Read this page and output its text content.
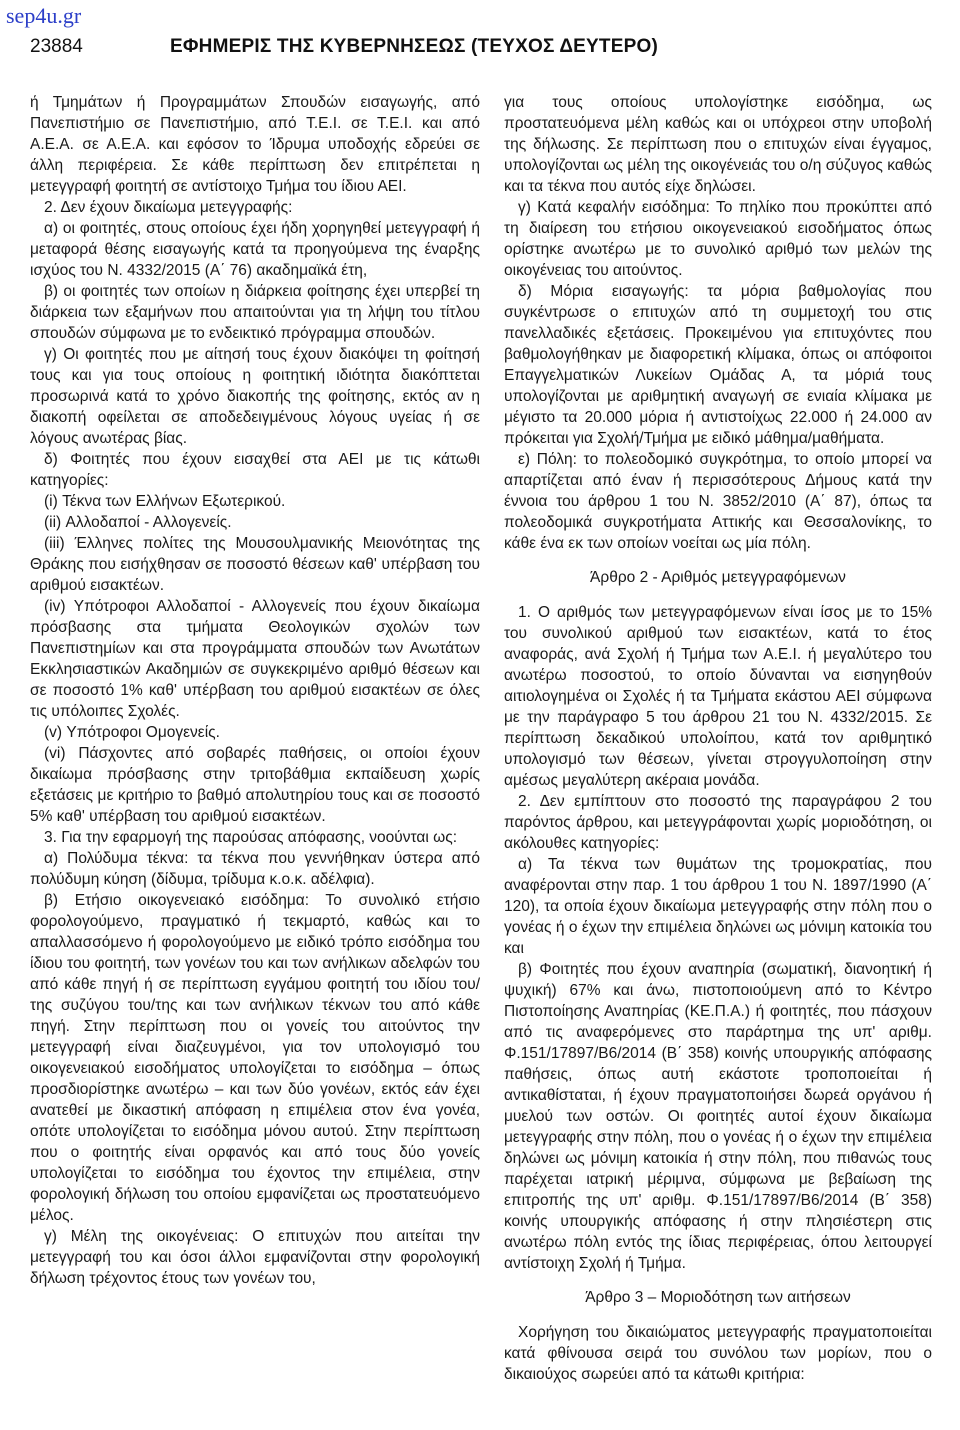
sep4u.gr
23884	ΕΦΗΜΕΡΙΣ ΤΗΣ ΚΥΒΕΡΝΗΣΕΩΣ (ΤΕΥΧΟΣ ΔΕΥΤΕΡΟ)

ή Τμημάτων ή Προγραμμάτων Σπουδών εισαγωγής, από Πανεπιστήμιο σε Πανεπιστήμιο, από Τ.Ε.Ι. σε Τ.Ε.Ι. και από Α.Ε.Α. σε Α.Ε.Α. και εφόσον το Ίδρυμα υποδοχής εδρεύει σε άλλη περιφέρεια. Σε κάθε περίπτωση δεν επιτρέπεται η μετεγγραφή φοιτητή σε αντίστοιχο Τμήμα του ίδιου ΑΕΙ.

2. Δεν έχουν δικαίωμα μετεγγραφής:

α) οι φοιτητές, στους οποίους έχει ήδη χορηγηθεί μετεγγραφή ή μεταφορά θέσης εισαγωγής κατά τα προηγούμενα της έναρξης ισχύος του Ν. 4332/2015 (Α΄ 76) ακαδημαϊκά έτη,

β) οι φοιτητές των οποίων η διάρκεια φοίτησης έχει υπερβεί τη διάρκεια των εξαμήνων που απαιτούνται για τη λήψη του τίτλου σπουδών σύμφωνα με το ενδεικτικό πρόγραμμα σπουδών.

γ) Οι φοιτητές που με αίτησή τους έχουν διακόψει τη φοίτησή τους και για τους οποίους η φοιτητική ιδιότητα διακόπτεται προσωρινά κατά το χρόνο διακοπής της φοίτησης, εκτός αν η διακοπή οφείλεται σε αποδεδειγμένους λόγους υγείας ή σε λόγους ανωτέρας βίας.

δ) Φοιτητές που έχουν εισαχθεί στα ΑΕΙ με τις κάτωθι κατηγορίες:

(i) Τέκνα των Ελλήνων Εξωτερικού.

(ii) Αλλοδαποί - Αλλογενείς.

(iii) Έλληνες πολίτες της Μουσουλμανικής Μειονότητας της Θράκης που εισήχθησαν σε ποσοστό θέσεων καθ' υπέρβαση του αριθμού εισακτέων.

(iv) Υπότροφοι Αλλοδαποί - Αλλογενείς που έχουν δικαίωμα πρόσβασης στα τμήματα Θεολογικών σχολών των Πανεπιστημίων και στα προγράμματα σπουδών των Ανωτάτων Εκκλησιαστικών Ακαδημιών σε συγκεκριμένο αριθμό θέσεων και σε ποσοστό 1% καθ' υπέρβαση του αριθμού εισακτέων σε όλες τις υπόλοιπες Σχολές.

(v) Υπότροφοι Ομογενείς.

(vi) Πάσχοντες από σοβαρές παθήσεις, οι οποίοι έχουν δικαίωμα πρόσβασης στην τριτοβάθμια εκπαίδευση χωρίς εξετάσεις με κριτήριο το βαθμό απολυτηρίου τους και σε ποσοστό 5% καθ' υπέρβαση του αριθμού εισακτέων.

3. Για την εφαρμογή της παρούσας απόφασης, νοούνται ως:

α) Πολύδυμα τέκνα: τα τέκνα που γεννήθηκαν ύστερα από πολύδυμη κύηση (δίδυμα, τρίδυμα κ.ο.κ. αδέλφια).

β) Ετήσιο οικογενειακό εισόδημα: Το συνολικό ετήσιο φορολογούμενο, πραγματικό ή τεκμαρτό, καθώς και το απαλλασσόμενο ή φορολογούμενο με ειδικό τρόπο εισόδημα του ίδιου του φοιτητή, των γονέων του και των ανήλικων αδελφών του από κάθε πηγή ή σε περίπτωση εγγάμου φοιτητή του ιδίου του/της συζύγου του/της και των ανήλικων τέκνων του από κάθε πηγή. Στην περίπτωση που οι γονείς του αιτούντος την μετεγγραφή είναι διαζευγμένοι, για τον υπολογισμό του οικογενειακού εισοδήματος υπολογίζεται το εισόδημα – όπως προσδιορίστηκε ανωτέρω – και των δύο γονέων, εκτός εάν έχει ανατεθεί με δικαστική απόφαση η επιμέλεια στον ένα γονέα, οπότε υπολογίζεται το εισόδημα μόνου αυτού. Στην περίπτωση που ο φοιτητής είναι ορφανός και από τους δύο γονείς υπολογίζεται το εισόδημα του έχοντος την επιμέλεια, στην φορολογική δήλωση του οποίου εμφανίζεται ως προστατευόμενο μέλος.

γ) Μέλη της οικογένειας: Ο επιτυχών που αιτείται την μετεγγραφή του και όσοι άλλοι εμφανίζονται στην φορολογική δήλωση τρέχοντος έτους των γονέων του,

για τους οποίους υπολογίστηκε εισόδημα, ως προστατευόμενα μέλη καθώς και οι υπόχρεοι στην υποβολή της δήλωσης. Σε περίπτωση που ο επιτυχών είναι έγγαμος, υπολογίζονται ως μέλη της οικογένειάς του ο/η σύζυγος καθώς και τα τέκνα που αυτός είχε δηλώσει.

γ) Κατά κεφαλήν εισόδημα: Το πηλίκο που προκύπτει από τη διαίρεση του ετήσιου οικογενειακού εισοδήματος όπως ορίστηκε ανωτέρω με το συνολικό αριθμό των μελών της οικογένειας του αιτούντος.

δ) Μόρια εισαγωγής: τα μόρια βαθμολογίας που συγκέντρωσε ο επιτυχών από τη συμμετοχή του στις πανελλαδικές εξετάσεις. Προκειμένου για επιτυχόντες που βαθμολογήθηκαν με διαφορετική κλίμακα, όπως οι απόφοιτοι Επαγγελματικών Λυκείων Ομάδας Α, τα μόριά τους υπολογίζονται με αριθμητική αναγωγή σε ενιαία κλίμακα με μέγιστο τα 20.000 μόρια ή αντιστοίχως 22.000 ή 24.000 αν πρόκειται για Σχολή/Τμήμα με ειδικό μάθημα/μαθήματα.

ε) Πόλη: το πολεοδομικό συγκρότημα, το οποίο μπορεί να απαρτίζεται από έναν ή περισσότερους Δήμους κατά την έννοια του άρθρου 1 του Ν. 3852/2010 (Α΄ 87), όπως τα πολεοδομικά συγκροτήματα Αττικής και Θεσσαλονίκης, το κάθε ένα εκ των οποίων νοείται ως μία πόλη.

Άρθρο 2 - Αριθμός μετεγγραφόμενων

1. Ο αριθμός των μετεγγραφόμενων είναι ίσος με το 15% του συνολικού αριθμού των εισακτέων, κατά το έτος αναφοράς, ανά Σχολή ή Τμήμα των Α.Ε.Ι. ή μεγαλύτερο του ανωτέρω ποσοστού, το οποίο δύνανται να εισηγηθούν αιτιολογημένα οι Σχολές ή τα Τμήματα εκάστου ΑΕΙ σύμφωνα με την παράγραφο 5 του άρθρου 21 του Ν. 4332/2015. Σε περίπτωση δεκαδικού υπολοίπου, κατά τον αριθμητικό υπολογισμό των θέσεων, γίνεται στρογγυλοποίηση στην αμέσως μεγαλύτερη ακέραια μονάδα.

2. Δεν εμπίπτουν στο ποσοστό της παραγράφου 2 του παρόντος άρθρου, και μετεγγράφονται χωρίς μοριοδότηση, οι ακόλουθες κατηγορίες:

α) Τα τέκνα των θυμάτων της τρομοκρατίας, που αναφέρονται στην παρ. 1 του άρθρου 1 του Ν. 1897/1990 (Α΄ 120), τα οποία έχουν δικαίωμα μετεγγραφής στην πόλη που ο γονέας ή ο έχων την επιμέλεια δηλώνει ως μόνιμη κατοικία του και

β) Φοιτητές που έχουν αναπηρία (σωματική, διανοητική ή ψυχική) 67% και άνω, πιστοποιούμενη από το Κέντρο Πιστοποίησης Αναπηρίας (ΚΕ.Π.Α.) ή φοιτητές, που πάσχουν από τις αναφερόμενες στο παράρτημα της υπ' αριθμ. Φ.151/17897/Β6/2014 (Β΄ 358) κοινής υπουργικής απόφασης παθήσεις, όπως αυτή εκάστοτε τροποποιείται ή αντικαθίσταται, ή έχουν πραγματοποιήσει δωρεά οργάνου ή μυελού των οστών. Οι φοιτητές αυτοί έχουν δικαίωμα μετεγγραφής στην πόλη, που ο γονέας ή ο έχων την επιμέλεια δηλώνει ως μόνιμη κατοικία ή στην πόλη, που πιθανώς τους παρέχεται ιατρική μέριμνα, σύμφωνα με βεβαίωση της επιτροπής της υπ' αριθμ. Φ.151/17897/Β6/2014 (Β΄ 358) κοινής υπουργικής απόφασης ή στην πλησιέστερη στις ανωτέρω πόλη εντός της ίδιας περιφέρειας, όπου λειτουργεί αντίστοιχη Σχολή ή Τμήμα.

Άρθρο 3 – Μοριοδότηση των αιτήσεων

Χορήγηση του δικαιώματος μετεγγραφής πραγματοποιείται κατά φθίνουσα σειρά του συνόλου των μορίων, που ο δικαιούχος σωρεύει από τα κάτωθι κριτήρια:
